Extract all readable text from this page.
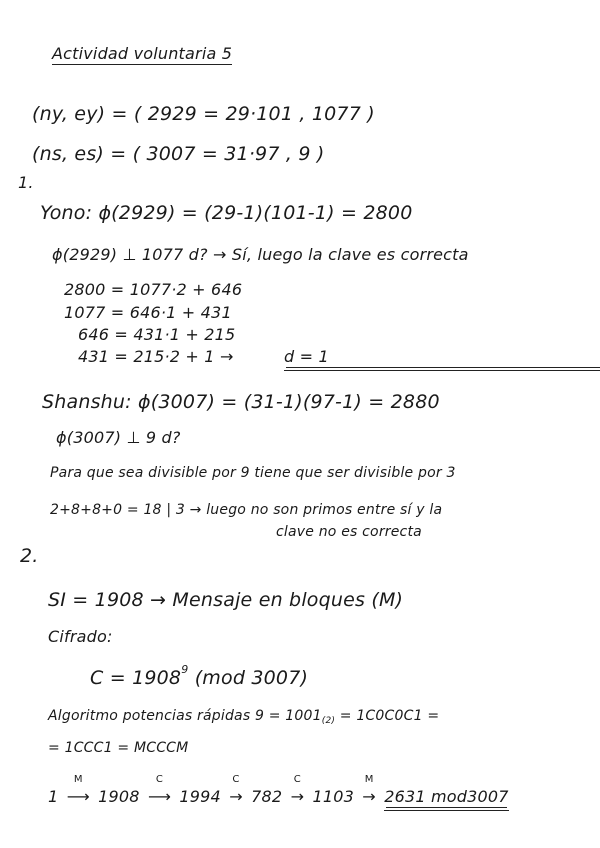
Actividad voluntaria 5
(ny, ey) = ( 2929 = 29·101 , 1077 )
(ns, es) = ( 3007 = 31·97 , 9 )
1.
Yono: ϕ(2929) = (29-1)(101-1) = 2800
ϕ(2929) ⊥ 1077 d? → Sí, luego la clave es correcta
2800 = 1077·2 + 646
1077 = 646·1 + 431
646 = 431·1 + 215
431 = 215·2 + 1 →	d = 1
Shanshu: ϕ(3007) = (31-1)(97-1) = 2880
ϕ(3007) ⊥ 9 d?
Para que sea divisible por 9 tiene que ser divisible por 3
2+8+8+0 = 18 | 3 → luego no son primos entre sí y la
clave no es correcta
2.
SI = 1908 → Mensaje en bloques (M)
Cifrado:
$C = 1908^9$ (mod 3007)
Algoritmo potencias rápidas 9 = 1001(2) = 1C0C0C1 =
= 1CCC1 = MCCCM
1
M
⟶ 1908
C
⟶ 1994
C
→ 782
C
→ 1103
M
→ 2631 mod3007
